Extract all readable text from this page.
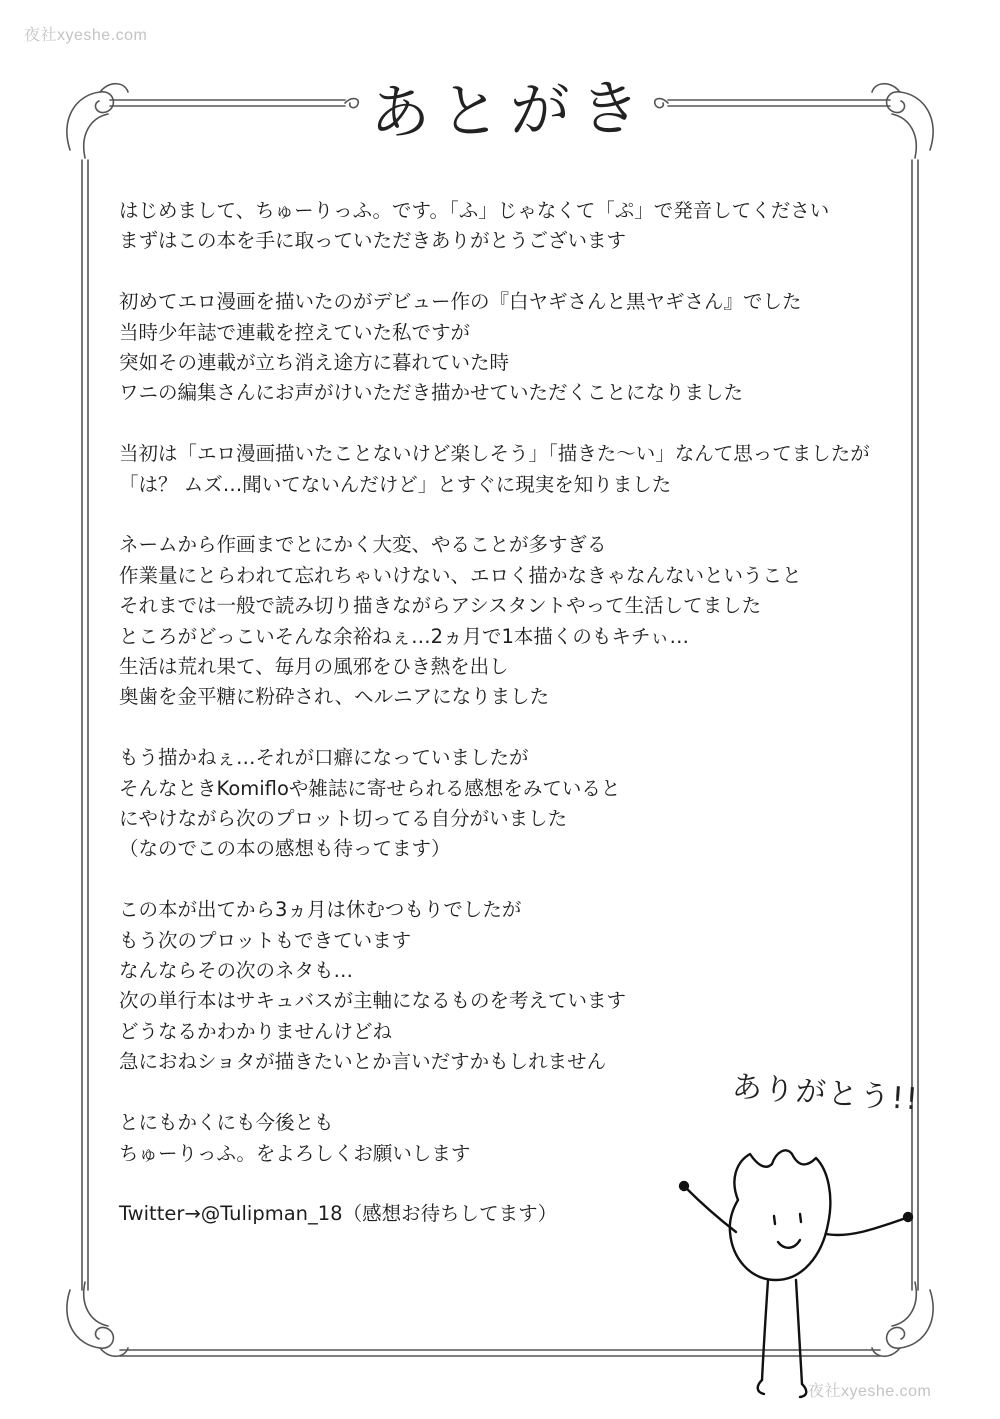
夜社xyeshe.com
あとがき
はじめまして、ちゅーりっふ。です。「ふ」じゃなくて「ぷ」で発音してください
まずはこの本を手に取っていただきありがとうございます
初めてエロ漫画を描いたのがデビュー作の『白ヤギさんと黒ヤギさん』でした
当時少年誌で連載を控えていた私ですが
突如その連載が立ち消え途方に暮れていた時
ワニの編集さんにお声がけいただき描かせていただくことになりました
当初は「エロ漫画描いたことないけど楽しそう」「描きた〜い」なんて思ってましたが
「は？ ムズ…聞いてないんだけど」とすぐに現実を知りました
ネームから作画までとにかく大変、やることが多すぎる
作業量にとらわれて忘れちゃいけない、エロく描かなきゃなんないということ
それまでは一般で読み切り描きながらアシスタントやって生活してました
ところがどっこいそんな余裕ねぇ…2ヵ月で1本描くのもキチぃ…
生活は荒れ果て、毎月の風邪をひき熱を出し
奥歯を金平糖に粉砕され、ヘルニアになりました
もう描かねぇ…それが口癖になっていましたが
そんなときKomifloや雑誌に寄せられる感想をみていると
にやけながら次のプロット切ってる自分がいました
（なのでこの本の感想も待ってます）
この本が出てから3ヵ月は休むつもりでしたが
もう次のプロットもできています
なんならその次のネタも…
次の単行本はサキュバスが主軸になるものを考えています
どうなるかわかりませんけどね
急におねショタが描きたいとか言いだすかもしれません
とにもかくにも今後とも
ちゅーりっふ。をよろしくお願いします
Twitter→@Tulipman_18（感想お待ちしてます）
ありがとう!!
夜社xyeshe.com
